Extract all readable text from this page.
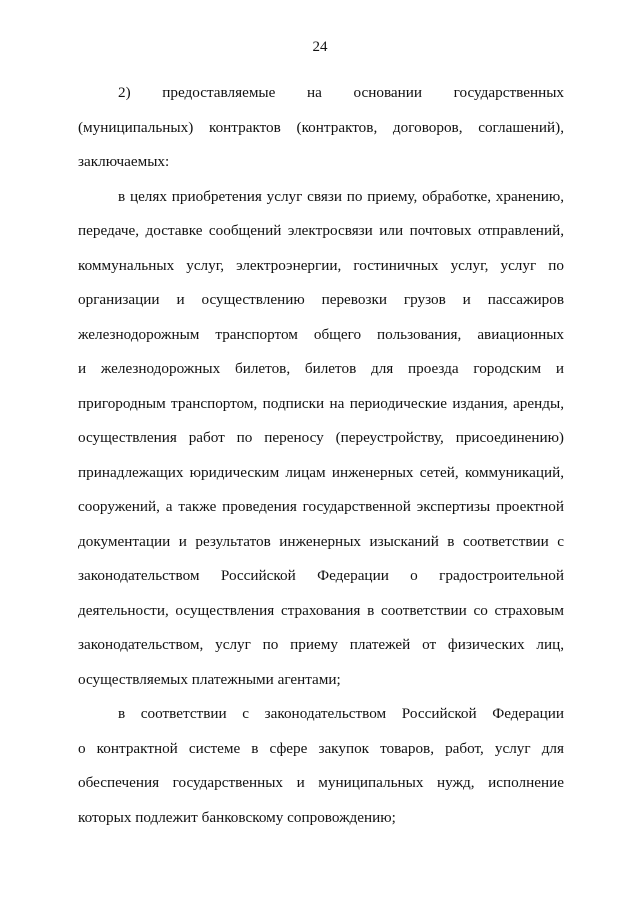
24
2) предоставляемые на основании государственных
(муниципальных) контрактов (контрактов, договоров, соглашений),
заключаемых:
в целях приобретения услуг связи по приему, обработке, хранению,
передаче, доставке сообщений электросвязи или почтовых отправлений,
коммунальных услуг, электроэнергии, гостиничных услуг, услуг по
организации и осуществлению перевозки грузов и пассажиров
железнодорожным транспортом общего пользования, авиационных
и железнодорожных билетов, билетов для проезда городским и
пригородным транспортом, подписки на периодические издания, аренды,
осуществления работ по переносу (переустройству, присоединению)
принадлежащих юридическим лицам инженерных сетей, коммуникаций,
сооружений, а также проведения государственной экспертизы проектной
документации и результатов инженерных изысканий в соответствии с
законодательством Российской Федерации о градостроительной
деятельности, осуществления страхования в соответствии со страховым
законодательством, услуг по приему платежей от физических лиц,
осуществляемых платежными агентами;
в соответствии с законодательством Российской Федерации
о контрактной системе в сфере закупок товаров, работ, услуг для
обеспечения государственных и муниципальных нужд, исполнение
которых подлежит банковскому сопровождению;
